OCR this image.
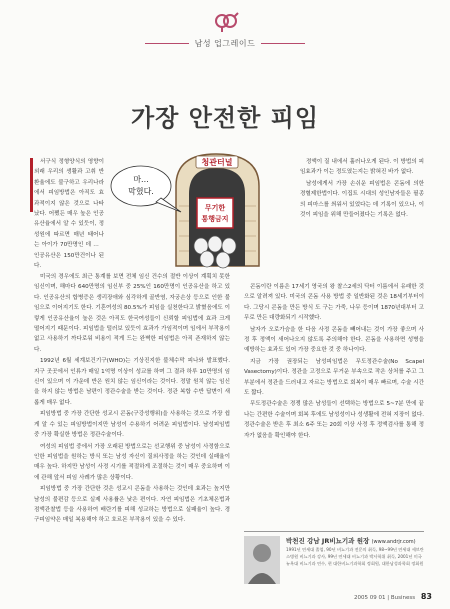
남성 업그레이드
가장 안전한 피임

서구식 정형양식의 영향이 외래 우리의 생활과 고취 반환율에도 불구하고 우리나라에서 피임방법은 아직도 효과적이지 않은 것으로 나타났다. 어쨌든 매우 높은 인공유산율에서 알 수 있듯이, 정성원에 따르면 매년 태어나는 아이가 70만명인 데 비해 인공유산은 150만건이나 된다.

청관터널
무기한
통행금지
마...
막혔다.

정액이 질 내에서 흘러나오게 된다. 이 방법의 피임효과가 이는 정도였는지는 밝혀진 바가 없다.

남성에게서 가장 손쉬운 피임법은 콘돔에 의한 경혈제한법이다. 이집트 시대의 성인남자들은 필종의 피마스를 씌워서 있었다는 데 기록이 있으나, 이것이 피임을 위해 만들어졌다는 기록은 없다.

미국의 경우에도 최근 통계를 보면 전체 임신 건수의 절반 이상이 계획치 못한 임신이며, 해마다 640만명의 임신부 중 25%인 160만명이 인공유산을 하고 있다. 인공유산의 합병증은 생리장애와 심각하게 골반염, 자궁손상 등으로 인한 불임으로 이어지기도 한다. 기혼여성의 80.5%가 피임을 실천한다고 밝혔음에도 이렇게 인공유산율이 높은 것은 아직도 한국여성들이 신뢰할 피임법에 효과 크게 떨어지기 때문이다. 피임법을 털러보 있듯이 효과가 가임적이며 임에서 부작용이 없고 사용하기 까다로워 비용이 적게 드는 완벽한 피임법은 아직 존재하지 않는다.

1992년 6월 세계보건기구(WHO)는 기상진지한 불체수막 피나와 발표했다. 지구 곳곳에서 인류가 매일 1억명 이상이 성교를 하며 그 결과 하루 10만명의 임신이 있으며 이 가운데 반은 원치 않는 임신이라는 것이다. 정말 원치 않는 임신을 하지 않는 방법은 남편이 정관수술을 받는 것이다. 정관 복합 수반 답변이 새롭게 매우 없다.

피임방법 중 가장 간단한 성교시 콘돔(구강성행위)을 사용하는 것으로 가장 쉽게 알 수 있는 피임방법이지만 남성이 수용하기 어려운 피임법이다. 남성피임법 중 가장 확실한 방법은 정관수술이다.

여성의 피임법 중에서 가장 오래된 방법으로는 선교행위 중 남성이 사정함으로 인한 피임법을 원하는 방식 또는 남성 자신이 질외사정을 하는 것인데 실패율이 매우 높다. 하지만 남성이 사정 시기를 적절하게 조절하는 것이 매우 중요하며 이에 관해 앞서 피임 사례가 많은 상황이다.

피임방법 중 가장 간단한 것은 성교시 콘돔을 사용하는 것인데 효과는 높지만 남성의 불편감 등으로 실제 사용률은 낮은 편이다. 자연 피임법은 기초체온법과 점액관찰법 등을 사용하여 배란기를 피해 성교하는 방법으로 실패율이 높다. 경구피임약은 매일 복용해야 하고 호르몬 부작용이 있을 수 있다.

콘돔이란 이름은 17세기 영국의 왕 찰스2세의 닥터 이름에서 유래한 것으로 알려져 있다. 미국의 콘돔 사용 방법 중 일반화된 것은 18세기부터이다. 그당시 콘돔을 만든 방식 도 구는 가죽, 나무 등이며 1870년대부터 고무로 만든 대량화되기 시작했다.

남자가 오로가슴을 한 다음 사정 콘돔을 빼어내는 것이 가장 좋으며 사정 후 정액이 새어나오지 않도록 주의해야 한다. 콘돔을 사용하면 성병을 예방하는 효과도 있어 가장 중요한 것 중 하나이다.

지금 가장 권장되는 남성피임법은 무도정관수술(No Scapel Vasectomy)이다. 정관을 고정으로 무거운 부속으로 작은 상처를 주고 그 부분에서 정관을 드러내고 자르는 방법으로 회복이 매우 빠르며, 수술 시간도 짧다.

무도정관수술은 경쟁 많은 남성들이 선택하는 방법으로 5~7분 만에 끝나는 간편한 수술이며 회복 후에도 남성성이나 성생활에 전혀 지장이 없다. 정관수술은 받은 후 최소 6주 또는 20회 이상 사정 후 정액검사를 통해 정자가 없음을 확인해야 한다.

박천진 강남 JR비뇨기과 원장 (www.andrjr.com)
1991년 연세대 졸업, 90년 비뇨기과 전문의 취득, 98~99년 연세대 세브란스병원 비뇨기과 강사, 99년 연세대 비뇨기과 박사학위 취득, 2001년 미국 뉴욕대 비뇨기과 연수, 현 대한비뇨기과학회 정회원, 대한남성과학회 정회원
2005 09 01 | Business 83
